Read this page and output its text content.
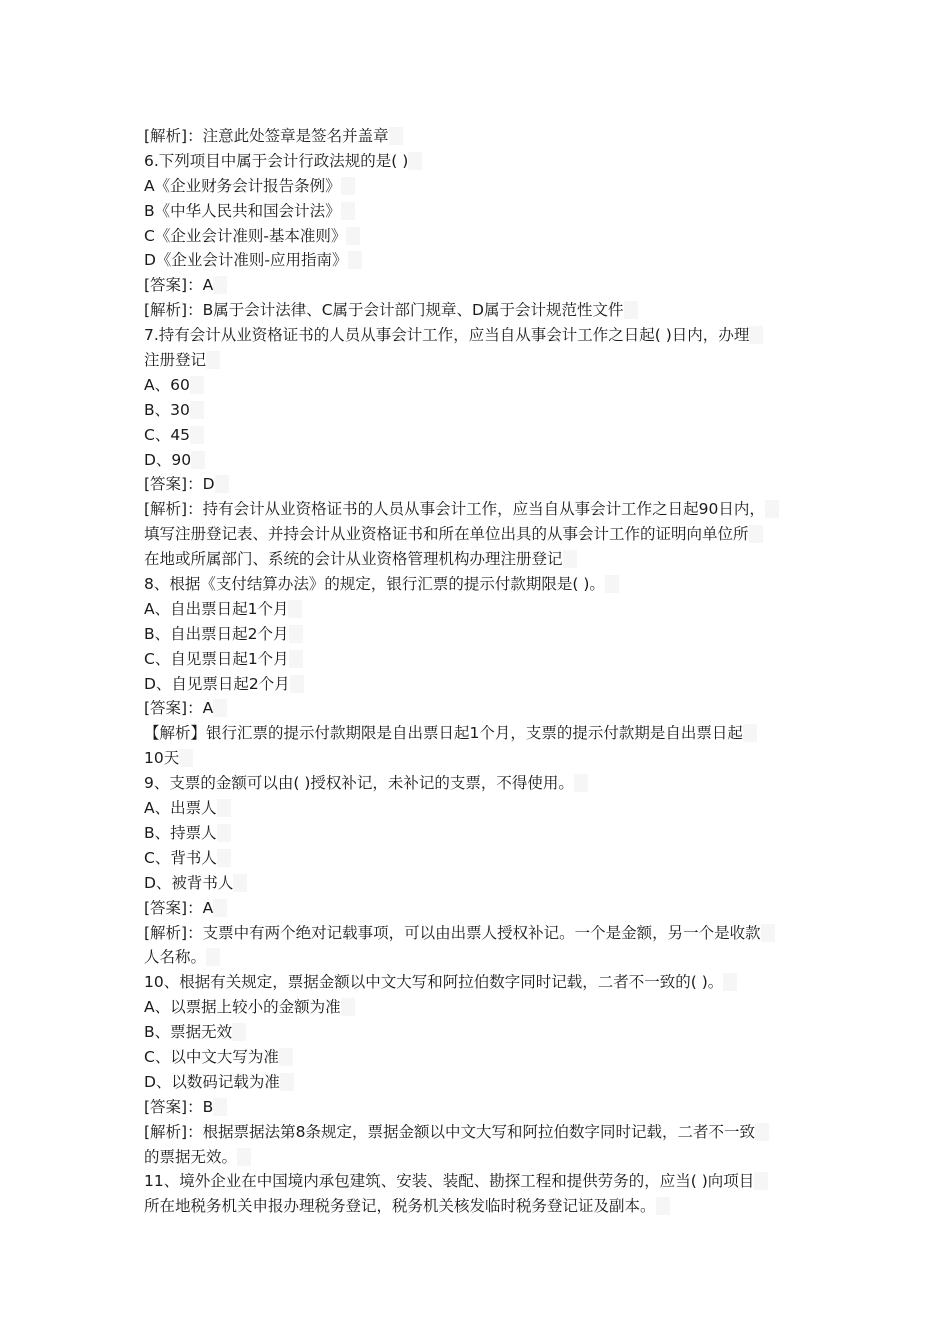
[解析]：注意此处签章是签名并盖章
6.下列项目中属于会计行政法规的是( )
A《企业财务会计报告条例》
B《中华人民共和国会计法》
C《企业会计准则-基本准则》
D《企业会计准则-应用指南》
[答案]：A
[解析]：B属于会计法律、C属于会计部门规章、D属于会计规范性文件
7.持有会计从业资格证书的人员从事会计工作，应当自从事会计工作之日起( )日内，办理
注册登记
A、60
B、30
C、45
D、90
[答案]：D
[解析]：持有会计从业资格证书的人员从事会计工作，应当自从事会计工作之日起90日内，
填写注册登记表、并持会计从业资格证书和所在单位出具的从事会计工作的证明向单位所
在地或所属部门、系统的会计从业资格管理机构办理注册登记
8、根据《支付结算办法》的规定，银行汇票的提示付款期限是( )。
A、自出票日起1个月
B、自出票日起2个月
C、自见票日起1个月
D、自见票日起2个月
[答案]：A
【解析】银行汇票的提示付款期限是自出票日起1个月，支票的提示付款期是自出票日起
10天
9、支票的金额可以由( )授权补记，未补记的支票，不得使用。
A、出票人
B、持票人
C、背书人
D、被背书人
[答案]：A
[解析]：支票中有两个绝对记载事项，可以由出票人授权补记。一个是金额，另一个是收款
人名称。
10、根据有关规定，票据金额以中文大写和阿拉伯数字同时记载，二者不一致的( )。
A、以票据上较小的金额为准
B、票据无效
C、以中文大写为准
D、以数码记载为准
[答案]：B
[解析]：根据票据法第8条规定，票据金额以中文大写和阿拉伯数字同时记载，二者不一致
的票据无效。
11、境外企业在中国境内承包建筑、安装、装配、勘探工程和提供劳务的，应当( )向项目
所在地税务机关申报办理税务登记，税务机关核发临时税务登记证及副本。
